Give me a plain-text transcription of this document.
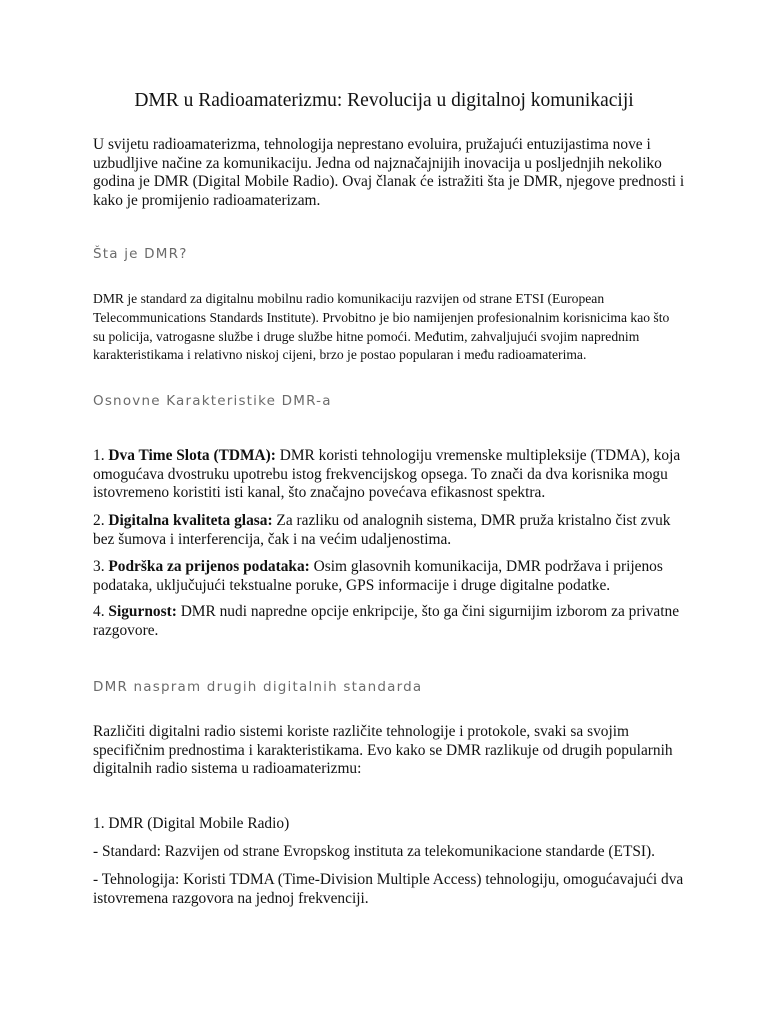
DMR u Radioamaterizmu: Revolucija u digitalnoj komunikaciji

U svijetu radioamaterizma, tehnologija neprestano evoluira, pružajući entuzijastima nove i uzbudljive načine za komunikaciju. Jedna od najznačajnijih inovacija u posljednjih nekoliko godina je DMR (Digital Mobile Radio). Ovaj članak će istražiti šta je DMR, njegove prednosti i kako je promijenio radioamaterizam.

Šta je DMR?

DMR je standard za digitalnu mobilnu radio komunikaciju razvijen od strane ETSI (European Telecommunications Standards Institute). Prvobitno je bio namijenjen profesionalnim korisnicima kao što su policija, vatrogasne službe i druge službe hitne pomoći. Međutim, zahvaljujući svojim naprednim karakteristikama i relativno niskoj cijeni, brzo je postao popularan i među radioamaterima.

Osnovne Karakteristike DMR-a

1. Dva Time Slota (TDMA): DMR koristi tehnologiju vremenske multipleksije (TDMA), koja omogućava dvostruku upotrebu istog frekvencijskog opsega. To znači da dva korisnika mogu istovremeno koristiti isti kanal, što značajno povećava efikasnost spektra.

2. Digitalna kvaliteta glasa: Za razliku od analognih sistema, DMR pruža kristalno čist zvuk bez šumova i interferencija, čak i na većim udaljenostima.

3. Podrška za prijenos podataka: Osim glasovnih komunikacija, DMR podržava i prijenos podataka, uključujući tekstualne poruke, GPS informacije i druge digitalne podatke.

4. Sigurnost: DMR nudi napredne opcije enkripcije, što ga čini sigurnijim izborom za privatne razgovore.

DMR naspram drugih digitalnih standarda

Različiti digitalni radio sistemi koriste različite tehnologije i protokole, svaki sa svojim specifičnim prednostima i karakteristikama. Evo kako se DMR razlikuje od drugih popularnih digitalnih radio sistema u radioamaterizmu:

1. DMR (Digital Mobile Radio)

- Standard: Razvijen od strane Evropskog instituta za telekomunikacione standarde (ETSI).

- Tehnologija: Koristi TDMA (Time-Division Multiple Access) tehnologiju, omogućavajući dva istovremena razgovora na jednoj frekvenciji.
